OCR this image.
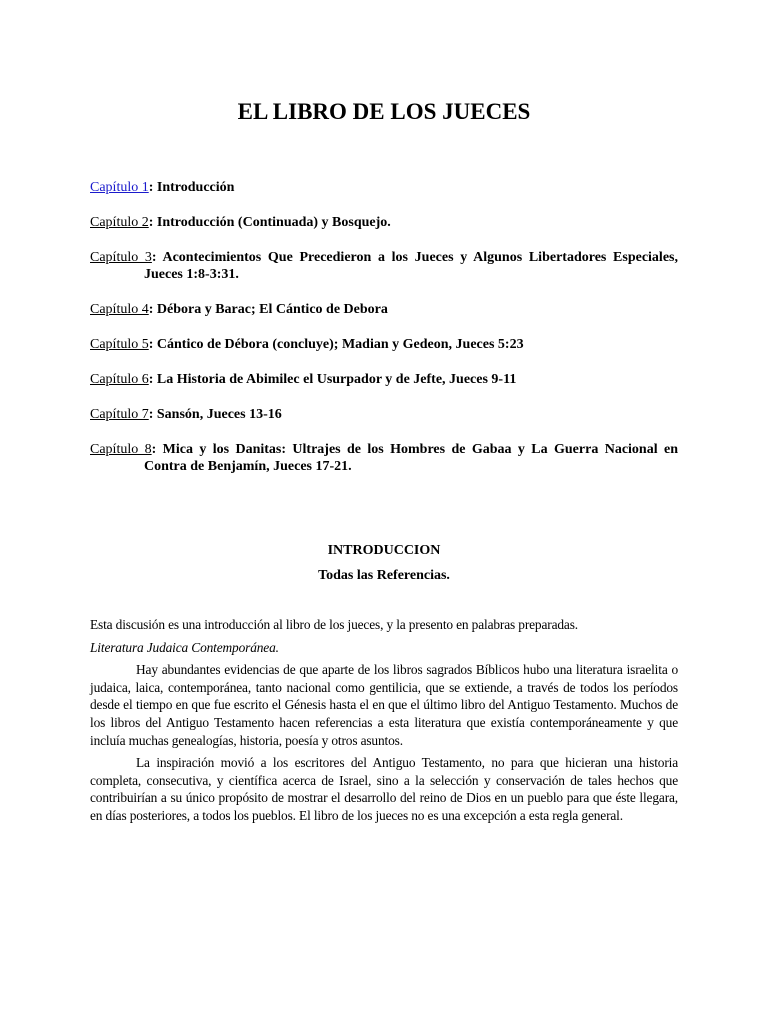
EL LIBRO DE LOS JUECES
Capítulo 1: Introducción
Capítulo 2: Introducción (Continuada) y Bosquejo.
Capítulo 3: Acontecimientos Que Precedieron a los Jueces y Algunos Libertadores Especiales, Jueces 1:8-3:31.
Capítulo 4: Débora y Barac; El Cántico de Debora
Capítulo 5: Cántico de Débora (concluye); Madian y Gedeon, Jueces 5:23
Capítulo 6: La Historia de Abimilec el Usurpador y de Jefte, Jueces 9-11
Capítulo 7: Sansón, Jueces 13-16
Capítulo 8: Mica y los Danitas: Ultrajes de los Hombres de Gabaa y La Guerra Nacional en Contra de Benjamín, Jueces 17-21.
INTRODUCCION

Todas las Referencias.

Esta discusión es una introducción al libro de los jueces, y la presento en palabras preparadas.

Literatura Judaica Contemporánea.

Hay abundantes evidencias de que aparte de los libros sagrados Bíblicos hubo una literatura israelita o judaica, laica, contemporánea, tanto nacional como gentilicia, que se extiende, a través de todos los períodos desde el tiempo en que fue escrito el Génesis hasta el en que el último libro del Antiguo Testamento. Muchos de los libros del Antiguo Testamento hacen referencias a esta literatura que existía contemporáneamente y que incluía muchas genealogías, historia, poesía y otros asuntos.

La inspiración movió a los escritores del Antiguo Testamento, no para que hicieran una historia completa, consecutiva, y científica acerca de Israel, sino a la selección y conservación de tales hechos que contribuirían a su único propósito de mostrar el desarrollo del reino de Dios en un pueblo para que éste llegara, en días posteriores, a todos los pueblos. El libro de los jueces no es una excepción a esta regla general.
